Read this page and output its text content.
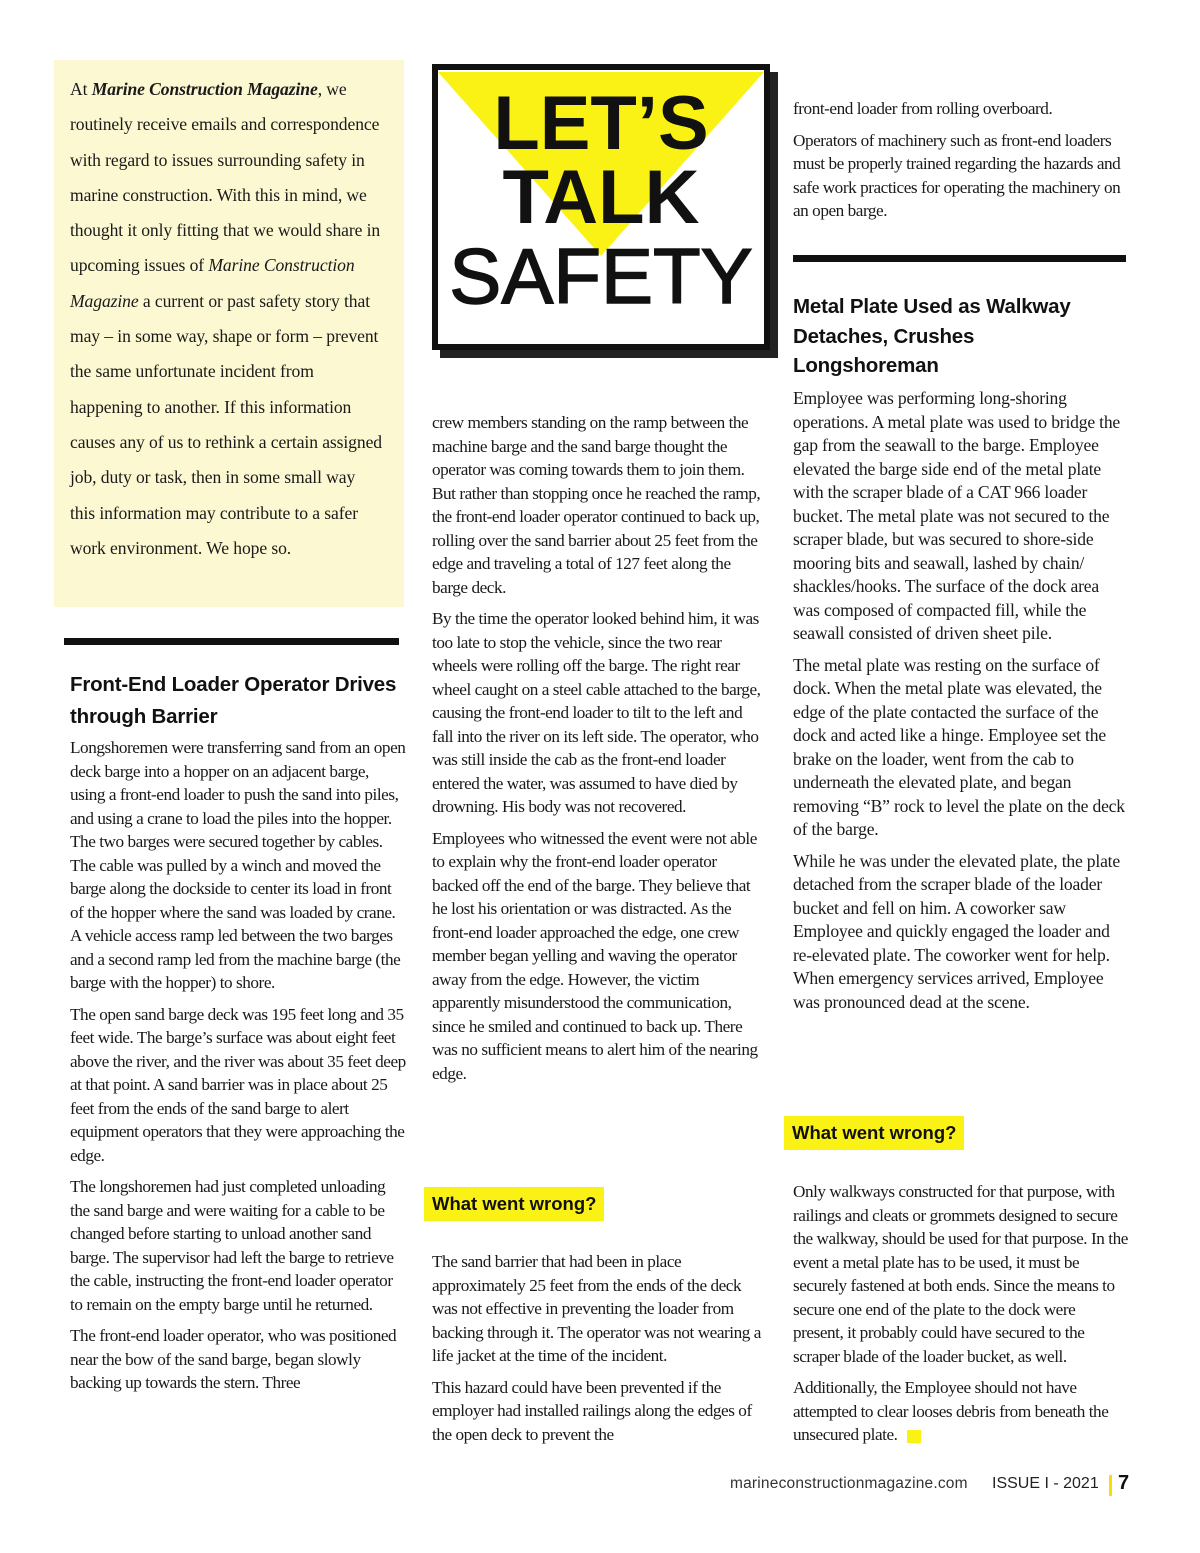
At Marine Construction Magazine, we routinely receive emails and correspondence with regard to issues surrounding safety in marine construction. With this in mind, we thought it only fitting that we would share in upcoming issues of Marine Construction Magazine a current or past safety story that may – in some way, shape or form – prevent the same unfortunate incident from happening to another. If this information causes any of us to rethink a certain assigned job, duty or task, then in some small way this information may contribute to a safer work environment. We hope so.
LET’S
TALK
SAFETY
Front-End Loader Operator Drives
through Barrier

Longshoremen were transferring sand from an open deck barge into a hopper on an adjacent barge, using a front-end loader to push the sand into piles, and using a crane to load the piles into the hopper. The two barges were secured together by cables. The cable was pulled by a winch and moved the barge along the dockside to center its load in front of the hopper where the sand was loaded by crane. A vehicle access ramp led between the two barges and a second ramp led from the machine barge (the barge with the hopper) to shore.

The open sand barge deck was 195 feet long and 35 feet wide. The barge’s surface was about eight feet above the river, and the river was about 35 feet deep at that point. A sand barrier was in place about 25 feet from the ends of the sand barge to alert equipment operators that they were approaching the edge.

The longshoremen had just completed unloading the sand barge and were waiting for a cable to be changed before starting to unload another sand barge. The supervisor had left the barge to retrieve the cable, instructing the front-end loader operator to remain on the empty barge until he returned.

The front-end loader operator, who was positioned near the bow of the sand barge, began slowly backing up towards the stern. Three

crew members standing on the ramp between the machine barge and the sand barge thought the operator was coming towards them to join them. But rather than stopping once he reached the ramp, the front-end loader operator continued to back up, rolling over the sand barrier about 25 feet from the edge and traveling a total of 127 feet along the barge deck.

By the time the operator looked behind him, it was too late to stop the vehicle, since the two rear wheels were rolling off the barge. The right rear wheel caught on a steel cable attached to the barge, causing the front-end loader to tilt to the left and fall into the river on its left side. The operator, who was still inside the cab as the front-end loader entered the water, was assumed to have died by drowning. His body was not recovered.

Employees who witnessed the event were not able to explain why the front-end loader operator backed off the end of the barge. They believe that he lost his orientation or was distracted. As the front-end loader approached the edge, one crew member began yelling and waving the operator away from the edge. However, the victim apparently misunderstood the communication, since he smiled and continued to back up. There was no sufficient means to alert him of the nearing edge.

What went wrong?

The sand barrier that had been in place approximately 25 feet from the ends of the deck was not effective in preventing the loader from backing through it. The operator was not wearing a life jacket at the time of the incident.

This hazard could have been prevented if the employer had installed railings along the edges of the open deck to prevent the

front-end loader from rolling overboard.

Operators of machinery such as front-end loaders must be properly trained regarding the hazards and safe work practices for operating the machinery on an open barge.

Metal Plate Used as Walkway
Detaches, Crushes
Longshoreman

Employee was performing long-shoring operations. A metal plate was used to bridge the gap from the seawall to the barge. Employee elevated the barge side end of the metal plate with the scraper blade of a CAT 966 loader bucket. The metal plate was not secured to the scraper blade, but was secured to shore-side mooring bits and seawall, lashed by chain/ shackles/hooks. The surface of the dock area was composed of compacted fill, while the seawall consisted of driven sheet pile.

The metal plate was resting on the surface of dock. When the metal plate was elevated, the edge of the plate contacted the surface of the dock and acted like a hinge. Employee set the brake on the loader, went from the cab to underneath the elevated plate, and began removing “B” rock to level the plate on the deck of the barge.

While he was under the elevated plate, the plate detached from the scraper blade of the loader bucket and fell on him. A coworker saw Employee and quickly engaged the loader and re-elevated plate. The coworker went for help. When emergency services arrived, Employee was pronounced dead at the scene.

What went wrong?

Only walkways constructed for that purpose, with railings and cleats or grommets designed to secure the walkway, should be used for that purpose. In the event a metal plate has to be used, it must be securely fastened at both ends. Since the means to secure one end of the plate to the dock were present, it probably could have secured to the scraper blade of the loader bucket, as well.

Additionally, the Employee should not have attempted to clear looses debris from beneath the unsecured plate.

marineconstructionmagazine.com ISSUE I - 2021 7
